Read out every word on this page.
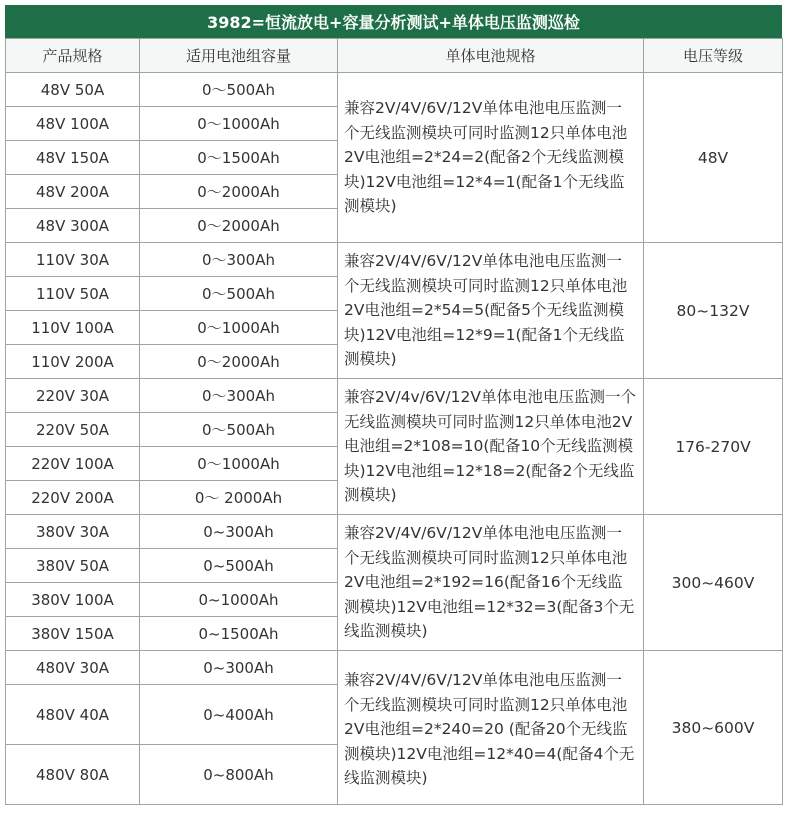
3982=恒流放电+容量分析测试+单体电压监测巡检
产品规格	适用电池组容量	单体电池规格	电压等级
48V 50A	0～500Ah	兼容2V/4V/6V/12V单体电池电压监测一个无线监测模块可同时监测12只单体电池2V电池组=2*24=2(配备2个无线监测模块)12V电池组=12*4=1(配备1个无线监测模块)	48V
48V 100A	0～1000Ah		
48V 150A	0～1500Ah		
48V 200A	0～2000Ah		
48V 300A	0～2000Ah		
110V 30A	0～300Ah	兼容2V/4V/6V/12V单体电池电压监测一个无线监测模块可同时监测12只单体电池2V电池组=2*54=5(配备5个无线监测模块)12V电池组=12*9=1(配备1个无线监测模块)	80~132V
110V 50A	0～500Ah		
110V 100A	0～1000Ah		
110V 200A	0～2000Ah		
220V 30A	0～300Ah	兼容2V/4v/6V/12V单体电池电压监测一个无线监测模块可同时监测12只单体电池2V电池组=2*108=10(配备10个无线监测模块)12V电池组=12*18=2(配备2个无线监测模块)	176-270V
220V 50A	0～500Ah		
220V 100A	0～1000Ah		
220V 200A	0～ 2000Ah		
380V 30A	0~300Ah	兼容2V/4V/6V/12V单体电池电压监测一个无线监测模块可同时监测12只单体电池2V电池组=2*192=16(配备16个无线监测模块)12V电池组=12*32=3(配备3个无线监测模块)	300~460V
380V 50A	0~500Ah		
380V 100A	0~1000Ah		
380V 150A	0~1500Ah		
480V 30A	0~300Ah	兼容2V/4V/6V/12V单体电池电压监测一个无线监测模块可同时监测12只单体电池2V电池组=2*240=20 (配备20个无线监测模块)12V电池组=12*40=4(配备4个无线监测模块)	380~600V
480V 40A	0~400Ah		
480V 80A	0~800Ah		
